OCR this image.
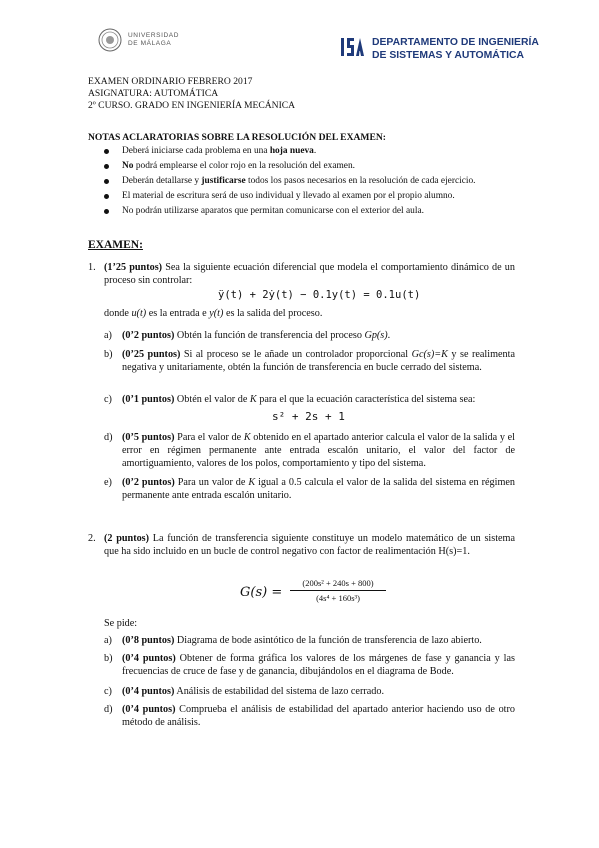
UNIVERSIDAD
DE MÁLAGA	DEPARTAMENTO DE INGENIERÍA
DE SISTEMAS Y AUTOMÁTICA
EXAMEN ORDINARIO FEBRERO 2017
ASIGNATURA: AUTOMÁTICA
2º CURSO. GRADO EN INGENIERÍA MECÁNICA
NOTAS ACLARATORIAS SOBRE LA RESOLUCIÓN DEL EXAMEN:
Deberá iniciarse cada problema en una hoja nueva.
No podrá emplearse el color rojo en la resolución del examen.
Deberán detallarse y justificarse todos los pasos necesarios en la resolución de cada ejercicio.
El material de escritura será de uso individual y llevado al examen por el propio alumno.
No podrán utilizarse aparatos que permitan comunicarse con el exterior del aula.
EXAMEN:
1. (1’25 puntos) Sea la siguiente ecuación diferencial que modela el comportamiento dinámico de un proceso sin controlar:
ÿ(t) + 2ẏ(t) − 0.1y(t) = 0.1u(t)
donde u(t) es la entrada e y(t) es la salida del proceso.
a) (0’2 puntos) Obtén la función de transferencia del proceso Gp(s).
b) (0’25 puntos) Si al proceso se le añade un controlador proporcional Gc(s)=K y se realimenta negativa y unitariamente, obtén la función de transferencia en bucle cerrado del sistema.
c) (0’1 puntos) Obtén el valor de K para el que la ecuación característica del sistema sea:
s² + 2s + 1
d) (0’5 puntos) Para el valor de K obtenido en el apartado anterior calcula el valor de la salida y el error en régimen permanente ante entrada escalón unitario, el valor del factor de amortiguamiento, valores de los polos, comportamiento y tipo del sistema.
e) (0’2 puntos) Para un valor de K igual a 0.5 calcula el valor de la salida del sistema en régimen permanente ante entrada escalón unitario.
2. (2 puntos) La función de transferencia siguiente constituye un modelo matemático de un sistema que ha sido incluido en un bucle de control negativo con factor de realimentación H(s)=1.
G(s) =
(200s² + 240s + 800)
(4s⁴ + 160s³)
Se pide:
a) (0’8 puntos) Diagrama de bode asintótico de la función de transferencia de lazo abierto.
b) (0’4 puntos) Obtener de forma gráfica los valores de los márgenes de fase y ganancia y las frecuencias de cruce de fase y de ganancia, dibujándolos en el diagrama de Bode.
c) (0’4 puntos) Análisis de estabilidad del sistema de lazo cerrado.
d) (0’4 puntos) Comprueba el análisis de estabilidad del apartado anterior haciendo uso de otro método de análisis.
